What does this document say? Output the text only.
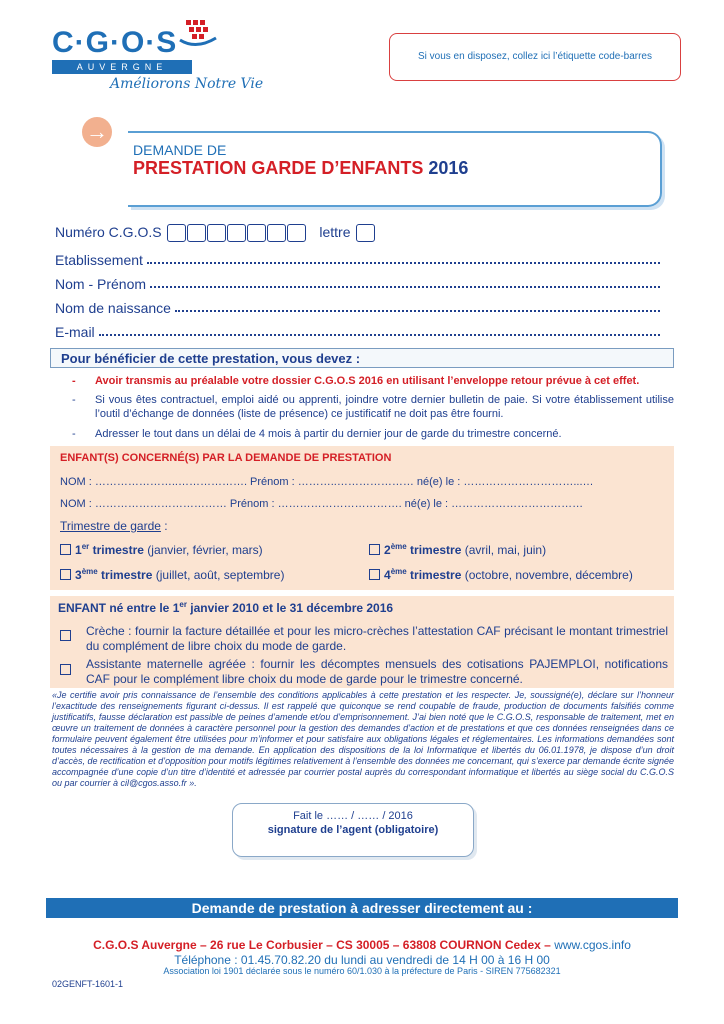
C·G·O·S
AUVERGNE
Améliorons Notre Vie
Si vous en disposez, collez ici l’étiquette code-barres
→
DEMANDE DE
PRESTATION GARDE D’ENFANTS 2016
Numéro C.G.O.S	lettre
Etablissement
Nom - Prénom
Nom de naissance
E-mail
Pour bénéficier de cette prestation, vous devez :
- Avoir transmis au préalable votre dossier C.G.O.S 2016 en utilisant l’enveloppe retour prévue à cet effet.
- Si vous êtes contractuel, emploi aidé ou apprenti, joindre votre dernier bulletin de paie. Si votre établissement utilise l’outil d’échange de données (liste de présence) ce justificatif ne doit pas être fourni.
- Adresser le tout dans un délai de 4 mois à partir du dernier jour de garde du trimestre concerné.
ENFANT(S) CONCERNÉ(S) PAR LA DEMANDE DE PRESTATION
NOM : …………………..………………. Prénom : ………..………………… né(e) le : …………………………...…
NOM : ……………………………… Prénom : ……………………………. né(e) le : ………………………………
Trimestre de garde :
1er trimestre (janvier, février, mars)	2ème trimestre (avril, mai, juin)
3ème trimestre (juillet, août, septembre)	4ème trimestre (octobre, novembre, décembre)
ENFANT né entre le 1er janvier 2010 et le 31 décembre 2016
Crèche : fournir la facture détaillée et pour les micro-crèches l’attestation CAF précisant le montant trimestriel du complément de libre choix du mode de garde.
Assistante maternelle agréée : fournir les décomptes mensuels des cotisations PAJEMPLOI, notifications CAF pour le complément libre choix du mode de garde pour le trimestre concerné.
«Je certifie avoir pris connaissance de l’ensemble des conditions applicables à cette prestation et les respecter. Je, soussigné(e), déclare sur l’honneur l’exactitude des renseignements figurant ci-dessus. Il est rappelé que quiconque se rend coupable de fraude, production de documents falsifiés comme justificatifs, fausse déclaration est passible de peines d’amende et/ou d’emprisonnement. J’ai bien noté que le C.G.O.S, responsable de traitement, met en œuvre un traitement de données à caractère personnel pour la gestion des demandes d’action et de prestations et que ces données renseignées dans ce formulaire peuvent également être utilisées pour m’informer et pour satisfaire aux obligations légales et réglementaires. Les informations demandées sont toutes nécessaires à la gestion de ma demande. En application des dispositions de la loi Informatique et libertés du 06.01.1978, je dispose d’un droit d’accès, de rectification et d’opposition pour motifs légitimes relativement à l’ensemble des données me concernant, qui s’exerce par demande écrite signée accompagnée d’une copie d’un titre d’identité et adressée par courrier postal auprès du correspondant informatique et libertés au siège social du C.G.O.S ou par courrier à cil@cgos.asso.fr ».
Fait le …… / …… / 2016
signature de l’agent (obligatoire)
Demande de prestation à adresser directement au :
C.G.O.S Auvergne – 26 rue Le Corbusier – CS 30005 – 63808 COURNON Cedex – www.cgos.info
Téléphone : 01.45.70.82.20 du lundi au vendredi de 14 H 00 à 16 H 00
Association loi 1901 déclarée sous le numéro 60/1.030 à la préfecture de Paris - SIREN 775682321
02GENFT-1601-1
